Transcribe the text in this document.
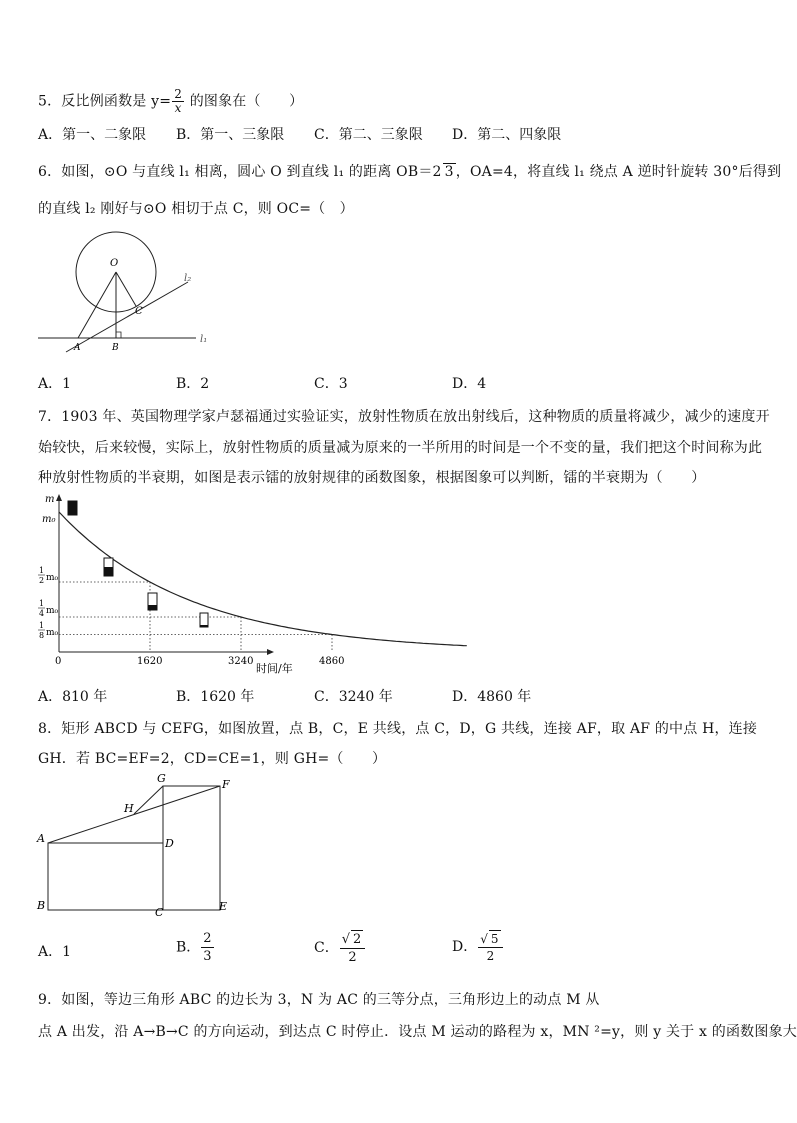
5．反比例函数是 $y= \frac{2}{x}$ 的图象在（　　）
A．第一、二象限 B．第一、三象限 C．第二、三象限 D．第二、四象限
6．如图，⊙O 与直线 l₁ 相离，圆心 O 到直线 l₁ 的距离 OB＝2 3 ，OA=4，将直线 l₁ 绕点 A 逆时针旋转 30°后得到
的直线 l₂ 刚好与⊙O 相切于点 C，则 OC=（　）
O
C
A	B
l₁
l₂
A．1	B．2	C．3	D．4
7．1903 年、英国物理学家卢瑟福通过实验证实，放射性物质在放出射线后，这种物质的质量将减少，减少的速度开
始较快，后来较慢，实际上，放射性物质的质量减为原来的一半所用的时间是一个不变的量，我们把这个时间称为此
种放射性物质的半衰期，如图是表示镭的放射规律的函数图象，根据图象可以判断，镭的半衰期为（　　）
m
m₀
1
2 m₀
1
4 m₀
1
8 m₀
0	1620	3240	4860
时间/年
A．810 年	B．1620 年	C．3240 年	D．4860 年
8．矩形 ABCD 与 CEFG，如图放置，点 B，C，E 共线，点 C，D，G 共线，连接 AF，取 AF 的中点 H，连接
GH．若 BC=EF=2，CD=CE=1，则 GH=（　　）
A
B
C
D
E
F
G
H
A．1	B． $\frac{2}{3}$	C． $\frac{√ 2}{2}$	D． $\frac{√ 5}{2}$
9．如图，等边三角形 ABC 的边长为 3，N 为 AC 的三等分点，三角形边上的动点 M 从
点 A 出发，沿 A→B→C 的方向运动，到达点 C 时停止．设点 M 运动的路程为 x，MN ²=y，则 y 关于 x 的函数图象大
